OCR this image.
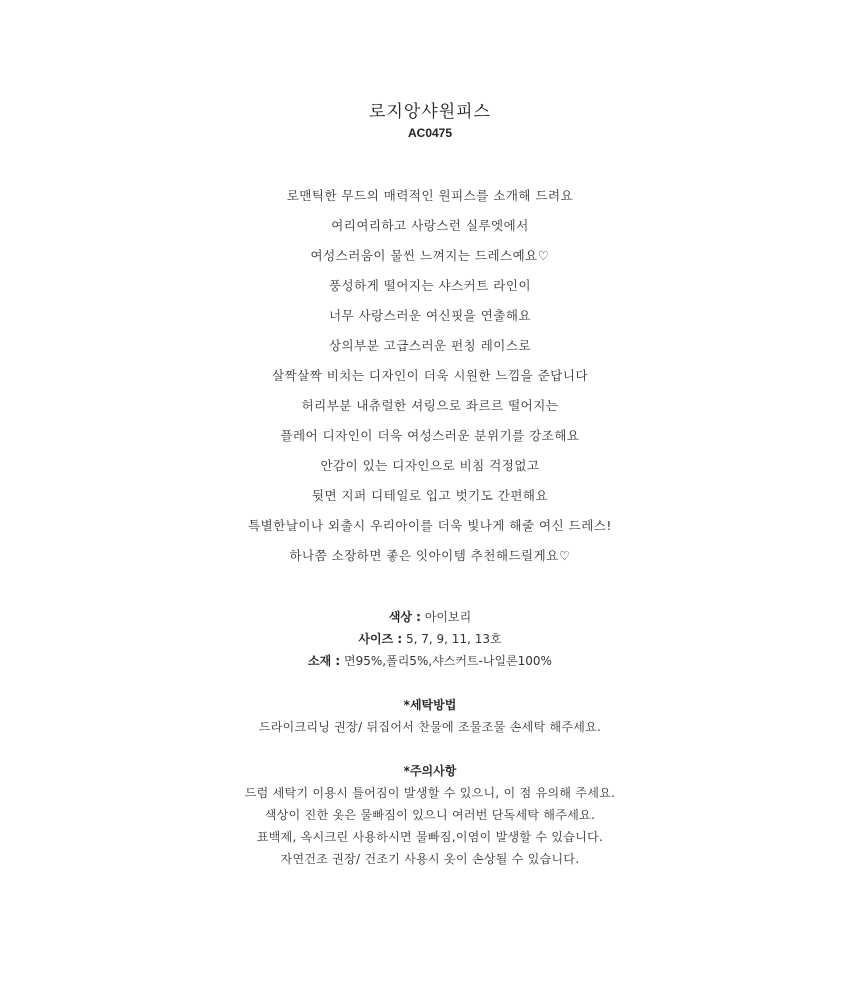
로지앙샤원피스
AC0475
로맨틱한 무드의 매력적인 원피스를 소개해 드려요
여리여리하고 사랑스런 실루엣에서
여성스러움이 물씬 느껴지는 드레스예요♡
풍성하게 떨어지는 샤스커트 라인이
너무 사랑스러운 여신핏을 연출해요
상의부분 고급스러운 펀칭 레이스로
살짝살짝 비치는 디자인이 더욱 시원한 느낌을 준답니다
허리부분 내츄럴한 셔링으로 좌르르 떨어지는
플레어 디자인이 더욱 여성스러운 분위기를 강조해요
안감이 있는 디자인으로 비침 걱정없고
뒷면 지퍼 디테일로 입고 벗기도 간편해요
특별한날이나 외출시 우리아이를 더욱 빛나게 해줄 여신 드레스!
하나쯤 소장하면 좋은 잇아이템 추천해드릴게요♡
색상 : 아이보리
사이즈 : 5, 7, 9, 11, 13호
소재 : 면95%,폴리5%,샤스커트-나일론100%
*세탁방법
드라이크리닝 권장/ 뒤집어서 찬물에 조물조물 손세탁 해주세요.
*주의사항
드럼 세탁기 이용시 틀어짐이 발생할 수 있으니, 이 점 유의해 주세요.
색상이 진한 옷은 물빠짐이 있으니 여러번 단독세탁 해주세요.
표백제, 옥시크린 사용하시면 물빠짐,이염이 발생할 수 있습니다.
자연건조 권장/ 건조기 사용시 옷이 손상될 수 있습니다.
